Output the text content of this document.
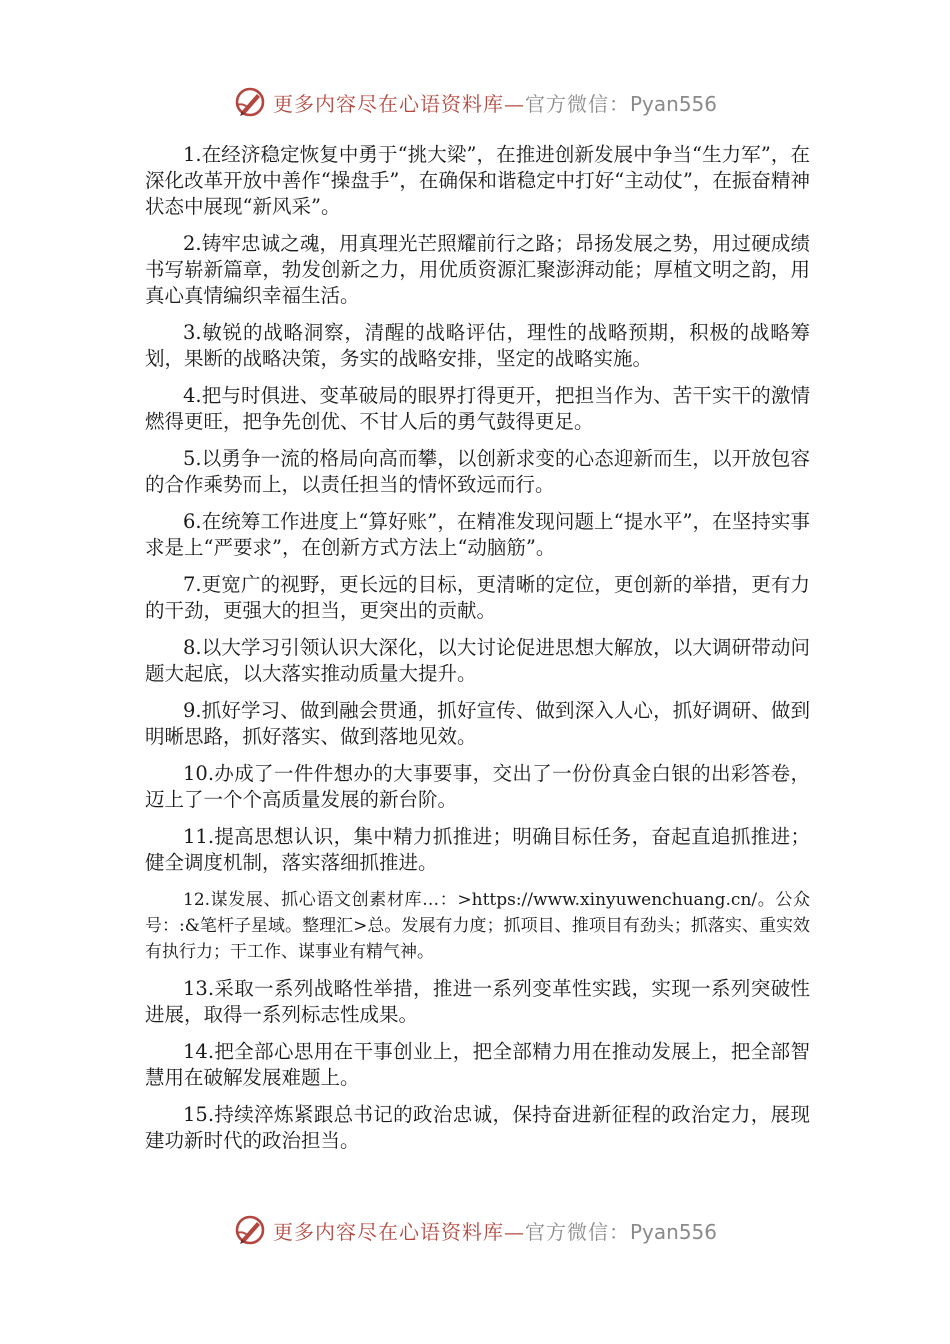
更多内容尽在心语资料库—官方微信：Pyan556

1.在经济稳定恢复中勇于“挑大梁”，在推进创新发展中争当“生力军”，在深化改革开放中善作“操盘手”，在确保和谐稳定中打好“主动仗”，在振奋精神状态中展现“新风采”。

2.铸牢忠诚之魂，用真理光芒照耀前行之路；昂扬发展之势，用过硬成绩书写崭新篇章，勃发创新之力，用优质资源汇聚澎湃动能；厚植文明之韵，用真心真情编织幸福生活。

3.敏锐的战略洞察，清醒的战略评估，理性的战略预期，积极的战略筹划，果断的战略决策，务实的战略安排，坚定的战略实施。

4.把与时俱进、变革破局的眼界打得更开，把担当作为、苦干实干的激情燃得更旺，把争先创优、不甘人后的勇气鼓得更足。

5.以勇争一流的格局向高而攀，以创新求变的心态迎新而生，以开放包容的合作乘势而上，以责任担当的情怀致远而行。

6.在统筹工作进度上“算好账”，在精准发现问题上“提水平”，在坚持实事求是上“严要求”，在创新方式方法上“动脑筋”。

7.更宽广的视野，更长远的目标，更清晰的定位，更创新的举措，更有力的干劲，更强大的担当，更突出的贡献。

8.以大学习引领认识大深化，以大讨论促进思想大解放，以大调研带动问题大起底，以大落实推动质量大提升。

9.抓好学习、做到融会贯通，抓好宣传、做到深入人心，抓好调研、做到明晰思路，抓好落实、做到落地见效。

10.办成了一件件想办的大事要事，交出了一份份真金白银的出彩答卷，迈上了一个个高质量发展的新台阶。

11.提高思想认识，集中精力抓推进；明确目标任务，奋起直追抓推进；健全调度机制，落实落细抓推进。

12.谋发展、抓心语文创素材库…：>https://www.xinyuwenchuang.cn/。公众号：:&笔杆子星域。整理汇>总。发展有力度；抓项目、推项目有劲头；抓落实、重实效有执行力；干工作、谋事业有精气神。

13.采取一系列战略性举措，推进一系列变革性实践，实现一系列突破性进展，取得一系列标志性成果。

14.把全部心思用在干事创业上，把全部精力用在推动发展上，把全部智慧用在破解发展难题上。

15.持续淬炼紧跟总书记的政治忠诚，保持奋进新征程的政治定力，展现建功新时代的政治担当。

更多内容尽在心语资料库—官方微信：Pyan556
